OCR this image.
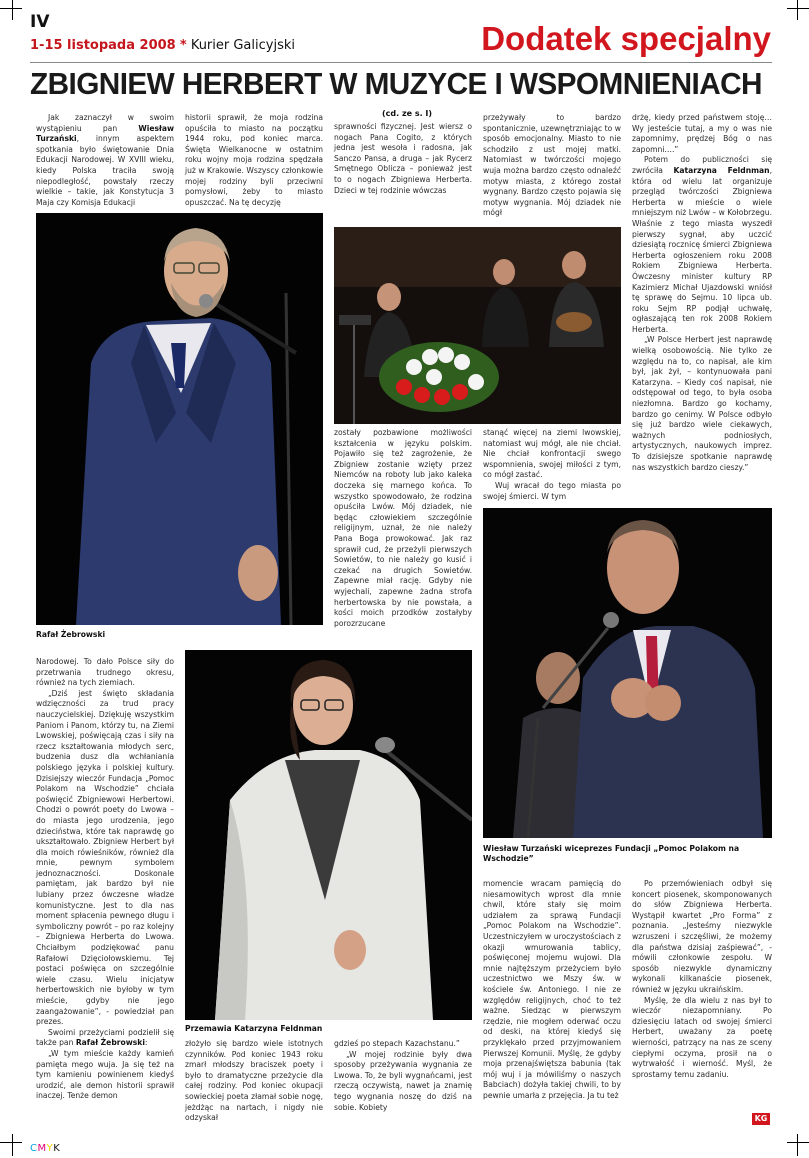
IV
1-15 listopada 2008 * Kurier Galicyjski	Dodatek specjalny
ZBIGNIEW HERBERT W MUZYCE I WSPOMNIENIACH
(cd. ze s. I)

Jak zaznaczył w swoim wystąpieniu pan	Wiesław Turzański, innym aspektem spotkania było świętowanie Dnia Edukacji Narodowej. W XVIII wieku, kiedy Polska traciła swoją niepodległość, powstały rzeczy wielkie – takie, jak Konstytucja 3 Maja czy Komisja Edukacji

historii sprawił, że moja rodzina opuściła to miasto na początku 1944 roku, pod koniec marca. Święta Wielkanocne w ostatnim roku wojny moja rodzina spędzała już w Krakowie. Wszyscy członkowie mojej rodziny byli przeciwni pomysłowi, żeby to miasto opuszczać. Na tę decyzję

sprawności fizycznej. Jest wiersz o nogach Pana Cogito, z których jedna jest wesoła i radosna, jak Sanczo Pansa, a druga – jak Rycerz Smętnego Oblicza – ponieważ jest to o nogach Zbigniewa Herberta. Dzieci w tej rodzinie wówczas

przeżywały to bardzo spontanicznie, uzewnętrzniając to w sposób emocjonalny. Miasto to nie schodziło z ust mojej matki. Natomiast w twórczości mojego wuja można bardzo często odnaleźć motyw miasta, z którego został wygnany. Bardzo często pojawia się motyw wygnania. Mój dziadek nie mógł

drżę, kiedy przed państwem stoję… Wy jesteście tutaj, a my o was nie zapomnimy, prędzej Bóg o nas zapomni….”

Potem do publiczności się zwróciła Katarzyna Feldnman, która od wielu lat organizuje przegląd twórczości Zbigniewa Herberta w mieście o wiele mniejszym niż Lwów – w Kołobrzegu. Właśnie z tego miasta wyszedł pierwszy sygnał, aby uczcić dziesiątą rocznicę śmierci Zbigniewa Herberta ogłoszeniem roku 2008 Rokiem Zbigniewa Herberta. Ówczesny minister kultury RP Kazimierz Michał Ujazdowski wniósł tę sprawę do Sejmu. 10 lipca ub. roku Sejm RP podjął uchwałę, ogłaszającą ten rok 2008 Rokiem Herberta.

„W Polsce Herbert jest naprawdę wielką osobowością. Nie tylko ze względu na to, co napisał, ale kim był, jak żył, – kontynuowała pani Katarzyna. – Kiedy coś napisał, nie odstępował od tego, to była osoba niezłomna. Bardzo go kochamy, bardzo go cenimy. W Polsce odbyło się już bardzo wiele ciekawych, ważnych podniosłych, artystycznych, naukowych imprez. To dzisiejsze spotkanie naprawdę nas wszystkich bardzo cieszy.”

Rafał Żebrowski

zostały pozbawione możliwości kształcenia w języku polskim. Pojawiło się też zagrożenie, że Zbigniew zostanie wzięty przez Niemców na roboty lub jako kaleka doczeka się marnego końca. To wszystko spowodowało, że rodzina opuściła Lwów. Mój dziadek, nie będąc człowiekiem szczególnie religijnym, uznał, że nie należy Pana Boga prowokować. Jak raz sprawił cud, że przeżyli pierwszych Sowietów, to nie należy go kusić i czekać na drugich Sowietów. Zapewne miał rację. Gdyby nie wyjechali, zapewne żadna strofa herbertowska by nie powstała, a kości moich przodków zostałyby porozrzucane

stanąć więcej na ziemi lwowskiej, natomiast wuj mógł, ale nie chciał. Nie chciał konfrontacji swego wspomnienia, swojej miłości z tym, co mógł zastać.

Wuj wracał do tego miasta po swojej śmierci. W tym

Wiesław Turzański wiceprezes Fundacji „Pomoc Polakom na Wschodzie”

Narodowej. To dało Polsce siły do przetrwania trudnego okresu, również na tych ziemiach.

„Dziś jest święto składania wdzięczności za trud pracy nauczycielskiej. Dziękuję wszystkim Paniom i Panom, którzy tu, na Ziemi Lwowskiej, poświęcają czas i siły na rzecz kształtowania młodych serc, budzenia dusz dla wchłaniania polskiego języka i polskiej kultury. Dzisiejszy wieczór Fundacja „Pomoc Polakom na Wschodzie” chciała poświęcić Zbigniewowi Herbertowi. Chodzi o powrót poety do Lwowa – do miasta jego urodzenia, jego dzieciństwa, które tak naprawdę go ukształtowało. Zbigniew Herbert był dla moich rówieśników, również dla mnie, pewnym symbolem jednoznaczności. Doskonale pamiętam, jak bardzo był nie lubiany przez ówczesne władze komunistyczne. Jest to dla nas moment spłacenia pewnego długu i symboliczny powrót – po raz kolejny – Zbigniewa Herberta do Lwowa. Chciałbym podziękować panu Rafałowi Dzięciołowskiemu. Tej postaci poświęca on szczególnie wiele czasu. Wielu inicjatyw herbertowskich nie byłoby w tym mieście, gdyby nie jego zaangażowanie”, - powiedział pan prezes.

Swoimi przeżyciami podzielił się także pan Rafał Żebrowski:

„W tym mieście każdy kamień pamięta mego wuja. Ja się też na tym kamieniu powinienem kiedyś urodzić, ale demon historii sprawił inaczej. Tenże demon

Przemawia Katarzyna Feldnman

złożyło się bardzo wiele istotnych czynników. Pod koniec 1943 roku zmarł młodszy braciszek poety i było to dramatyczne przeżycie dla całej rodziny. Pod koniec okupacji sowieckiej poeta złamał sobie nogę, jeżdżąc na nartach, i nigdy nie odzyskał

gdzieś po stepach Kazachstanu.”

„W mojej rodzinie były dwa sposoby przeżywania wygnania ze Lwowa. To, że byli wygnańcami, jest rzeczą oczywistą, nawet ja znamię tego wygnania noszę do dziś na sobie. Kobiety

momencie wracam pamięcią do niesamowitych wprost dla mnie chwil, które stały się moim udziałem za sprawą Fundacji „Pomoc Polakom na Wschodzie”. Uczestniczyłem w uroczystościach z okazji wmurowania tablicy, poświęconej mojemu wujowi. Dla mnie najtęższym przeżyciem było uczestnictwo we Mszy św. w kościele św. Antoniego. I nie ze względów religijnych, choć to też ważne. Siedząc w pierwszym rzędzie, nie mogłem oderwać oczu od deski, na której kiedyś się przyklękało przed przyjmowaniem Pierwszej Komunii. Myślę, że gdyby moja przenajświętsza babunia (tak mój wuj i ja mówiliśmy o naszych Babciach) dożyła takiej chwili, to by pewnie umarła z przejęcia. Ja tu też

Po przemówieniach odbył się koncert piosenek, skomponowanych do słów Zbigniewa Herberta. Wystąpił kwartet „Pro Forma” z poznania. „Jesteśmy niezwykle wzruszeni i szczęśliwi, że możemy dla państwa dzisiaj zaśpiewać”, - mówili członkowie zespołu. W sposób niezwykle dynamiczny wykonali kilkanaście piosenek, również w języku ukraińskim.

Myślę, że dla wielu z nas był to wieczór niezapomniany. Po dziesięciu latach od swojej śmierci Herbert, uważany za poetę wierności, patrzący na nas ze sceny ciepłymi oczyma, prosił na o wytrwałość i wierność. Myśl, że sprostamy temu zadaniu.

CMYK
KG
